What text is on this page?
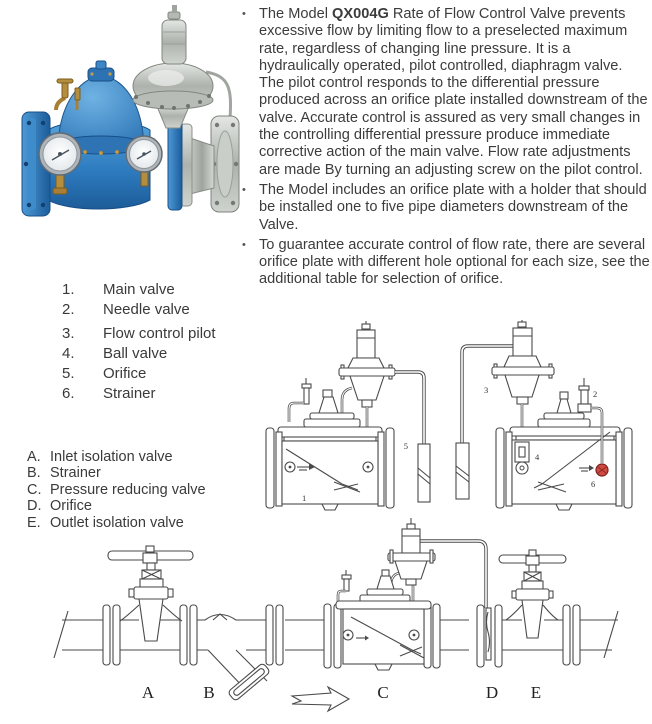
• The Model QX004G Rate of Flow Control Valve prevents excessive flow by limiting flow to a preselected maximum rate, regardless of changing line pressure. It is a hydraulically operated, pilot controlled, diaphragm valve. The pilot control responds to the differential pressure produced across an orifice plate installed downstream of the valve. Accurate control is assured as very small changes in the controlling differential pressure produce immediate corrective action of the main valve. Flow rate adjustments are made By turning an adjusting screw on the pilot control.
• The Model includes an orifice plate with a holder that should be installed one to five pipe diameters downstream of the Valve.
• To guarantee accurate control of flow rate, there are several orifice plate with different hole optional for each size, see the additional table for selection of orifice.
1.	Main valve
2.	Needle valve
3.	Flow control pilot
4.	Ball valve
5.	Orifice
6.	Strainer
A. Inlet isolation valve
B. Strainer
C. Pressure reducing valve
D. Orifice
E. Outlet isolation valve
1
5
3	2
4
6
A	B	C	D E
